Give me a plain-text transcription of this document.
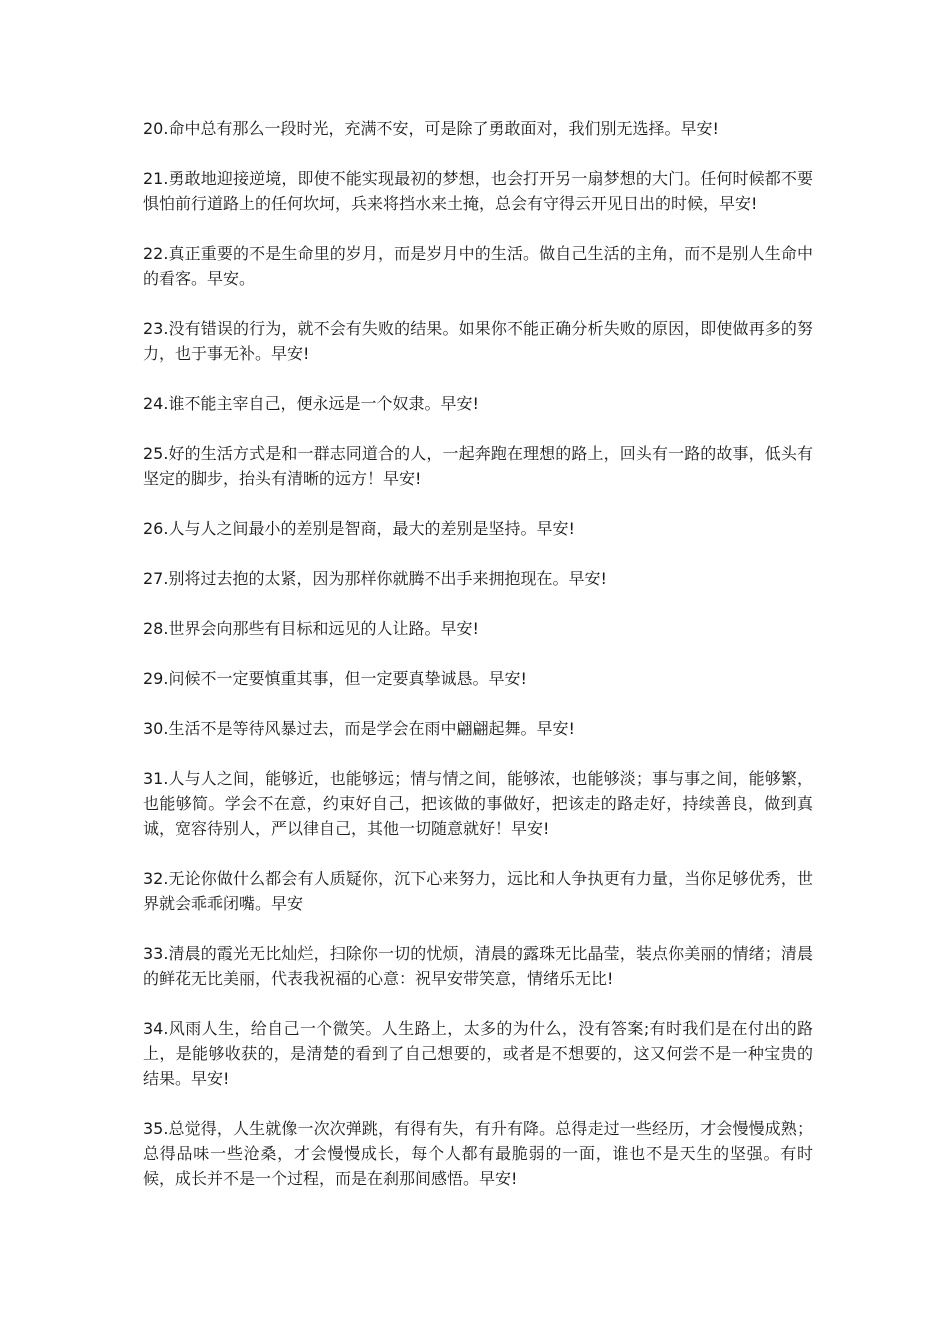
20.命中总有那么一段时光，充满不安，可是除了勇敢面对，我们别无选择。早安!

21.勇敢地迎接逆境，即使不能实现最初的梦想，也会打开另一扇梦想的大门。任何时候都不要惧怕前行道路上的任何坎坷，兵来将挡水来土掩，总会有守得云开见日出的时候，早安!

22.真正重要的不是生命里的岁月，而是岁月中的生活。做自己生活的主角，而不是别人生命中的看客。早安。

23.没有错误的行为，就不会有失败的结果。如果你不能正确分析失败的原因，即使做再多的努力，也于事无补。早安!

24.谁不能主宰自己，便永远是一个奴隶。早安!

25.好的生活方式是和一群志同道合的人，一起奔跑在理想的路上，回头有一路的故事，低头有坚定的脚步，抬头有清晰的远方！早安!

26.人与人之间最小的差别是智商，最大的差别是坚持。早安!

27.别将过去抱的太紧，因为那样你就腾不出手来拥抱现在。早安!

28.世界会向那些有目标和远见的人让路。早安!

29.问候不一定要慎重其事，但一定要真挚诚恳。早安!

30.生活不是等待风暴过去，而是学会在雨中翩翩起舞。早安!

31.人与人之间，能够近，也能够远；情与情之间，能够浓，也能够淡；事与事之间，能够繁，也能够简。学会不在意，约束好自己，把该做的事做好，把该走的路走好，持续善良，做到真诚，宽容待别人，严以律自己，其他一切随意就好！早安!

32.无论你做什么都会有人质疑你，沉下心来努力，远比和人争执更有力量，当你足够优秀，世界就会乖乖闭嘴。早安

33.清晨的霞光无比灿烂，扫除你一切的忧烦，清晨的露珠无比晶莹，装点你美丽的情绪；清晨的鲜花无比美丽，代表我祝福的心意：祝早安带笑意，情绪乐无比!

34.风雨人生，给自己一个微笑。人生路上，太多的为什么，没有答案;有时我们是在付出的路上，是能够收获的，是清楚的看到了自己想要的，或者是不想要的，这又何尝不是一种宝贵的结果。早安!

35.总觉得，人生就像一次次弹跳，有得有失，有升有降。总得走过一些经历，才会慢慢成熟；总得品味一些沧桑，才会慢慢成长，每个人都有最脆弱的一面，谁也不是天生的坚强。有时候，成长并不是一个过程，而是在刹那间感悟。早安!
